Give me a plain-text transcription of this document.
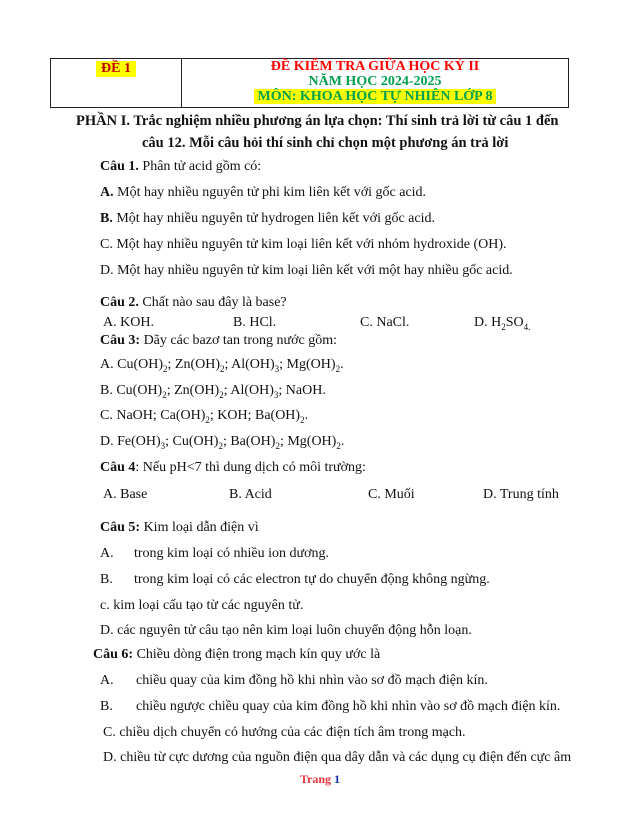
ĐỀ 1	ĐỀ KIỂM TRA GIỮA HỌC KỲ II
NĂM HỌC 2024-2025
MÔN: KHOA HỌC TỰ NHIÊN LỚP 8
PHẦN I. Trắc nghiệm nhiều phương án lựa chọn: Thí sinh trả lời từ câu 1 đến
câu 12. Mỗi câu hỏi thí sinh chỉ chọn một phương án trả lời
Câu 1. Phân tử acid gồm có:
A. Một hay nhiều nguyên tử phi kim liên kết với gốc acid.
B. Một hay nhiều nguyên tử hydrogen liên kết với gốc acid.
C. Một hay nhiều nguyên tử kim loại liên kết với nhóm hydroxide (OH).
D. Một hay nhiều nguyên tử kim loại liên kết với một hay nhiều gốc acid.
Câu 2. Chất nào sau đây là base?
A. KOH.	B. HCl.	C. NaCl.	D. $H_2SO_{4.}$
Câu 3: Dãy các bazơ tan trong nước gồm:
A. $Cu(OH)_2$; $Zn(OH)_2$; $Al(OH)_3$; $Mg(OH)_2$.
B. $Cu(OH)_2$; $Zn(OH)_2$; $Al(OH)_3$; NaOH.
C. NaOH; $Ca(OH)_2$; KOH; $Ba(OH)_2$.
D. $Fe(OH)_3$; $Cu(OH)_2$; $Ba(OH)_2$; $Mg(OH)_2$.
Câu 4: Nếu pH<7 thì dung dịch có môi trường:
A. Base	B. Acid	C. Muối	D. Trung tính
Câu 5: Kim loại dẫn điện vì
A. trong kim loại có nhiều ion dương.
B. trong kim loại có các electron tự do chuyển động không ngừng.
c. kim loại cấu tạo từ các nguyên tử.
D. các nguyên tử câu tạo nên kim loại luôn chuyển động hỗn loạn.
Câu 6: Chiều dòng điện trong mạch kín quy ước là
A. chiều quay của kim đồng hồ khi nhìn vào sơ đồ mạch điện kín.
B. chiều ngược chiều quay của kim đồng hồ khi nhìn vào sơ đồ mạch điện kín.
C. chiều dịch chuyển có hướng của các điện tích âm trong mạch.
D. chiều từ cực dương của nguồn điện qua dây dẫn và các dụng cụ điện đến cực âm
Trang 1
